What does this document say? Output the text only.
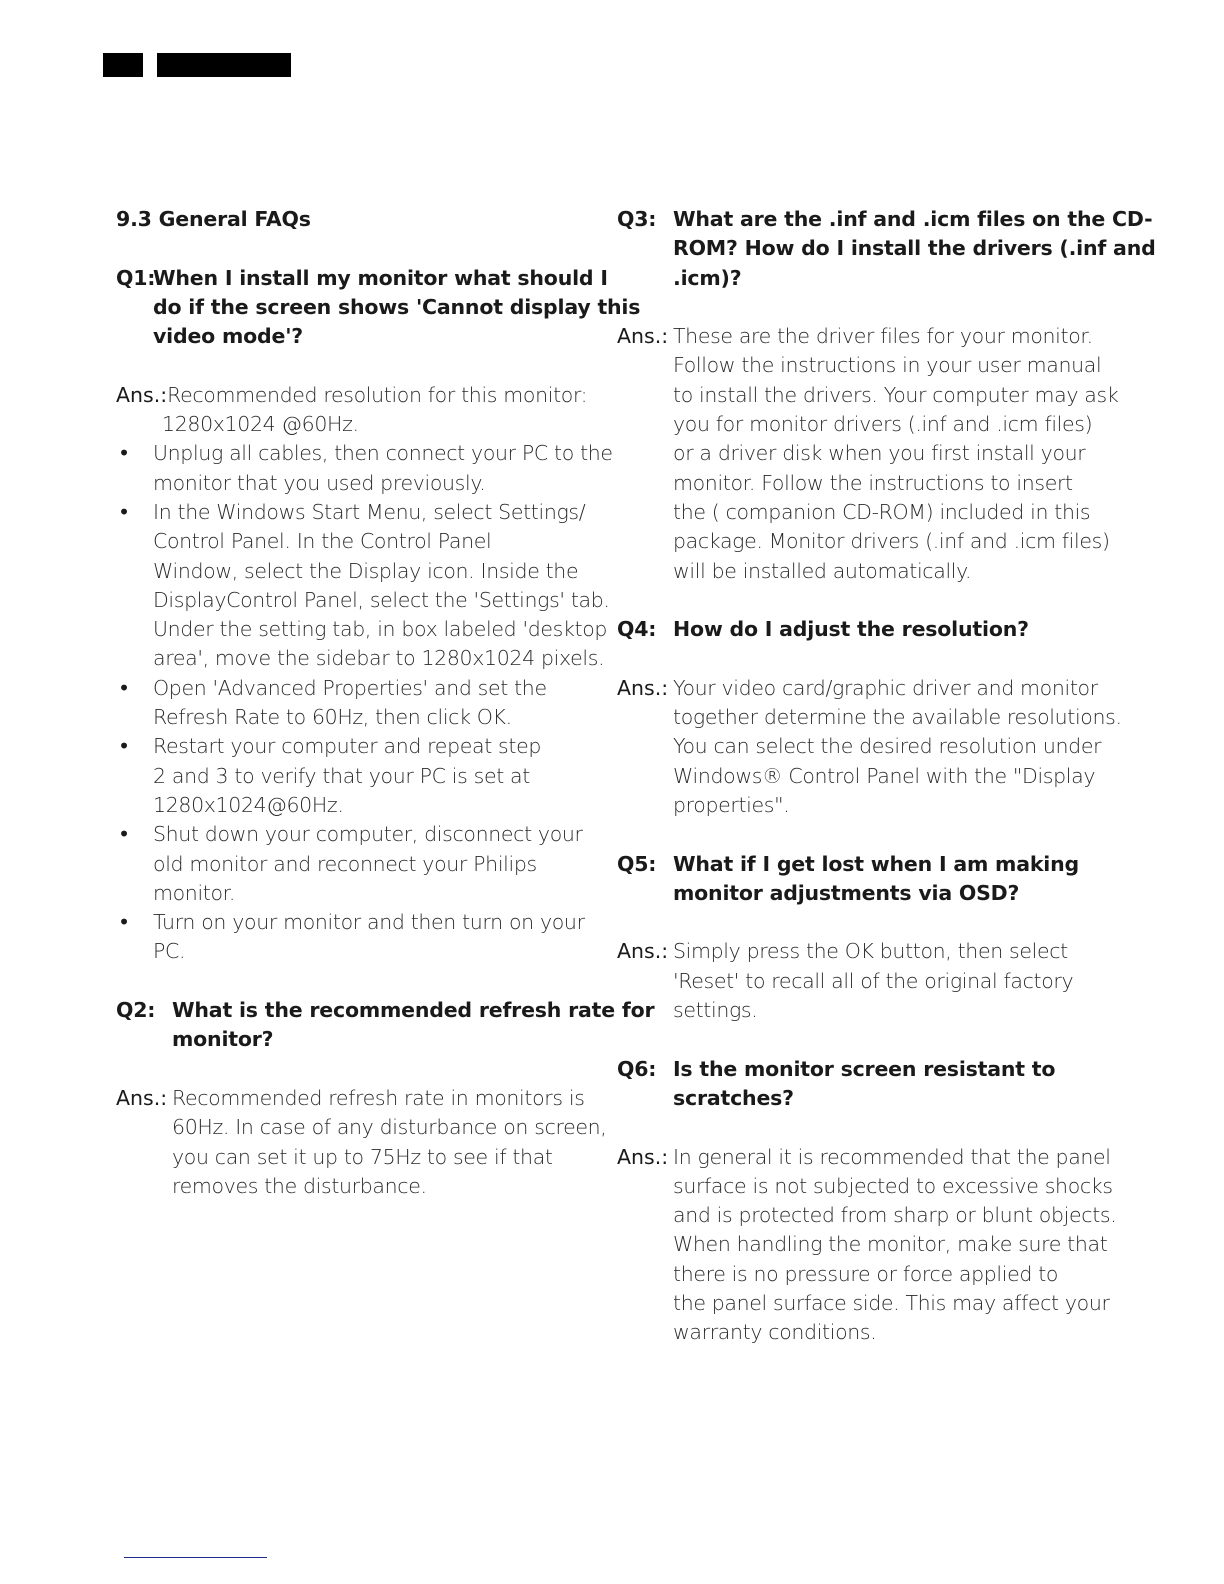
9.3 General FAQs
Q1:
When I install my monitor what should I
do if the screen shows 'Cannot display this
video mode'?
Ans.:Recommended resolution for this monitor:
1280x1024 @60Hz.
• Unplug all cables, then connect your PC to the
monitor that you used previously.
• In the Windows Start Menu, select Settings/
Control Panel. In the Control Panel
Window, select the Display icon. Inside the
DisplayControl Panel, select the 'Settings' tab.
Under the setting tab, in box labeled 'desktop
area', move the sidebar to 1280x1024 pixels.
• Open 'Advanced Properties' and set the
Refresh Rate to 60Hz, then click OK.
• Restart your computer and repeat step
2 and 3 to verify that your PC is set at
1280x1024@60Hz.
• Shut down your computer, disconnect your
old monitor and reconnect your Philips
monitor.
• Turn on your monitor and then turn on your
PC.
Q2: What is the recommended refresh rate for
monitor?
Ans.: Recommended refresh rate in monitors is
60Hz. In case of any disturbance on screen,
you can set it up to 75Hz to see if that
removes the disturbance.
Q3: What are the .inf and .icm files on the CD-
ROM? How do I install the drivers (.inf and
.icm)?
Ans.: These are the driver files for your monitor.
Follow the instructions in your user manual
to install the drivers. Your computer may ask
you for monitor drivers (.inf and .icm files)
or a driver disk when you first install your
monitor. Follow the instructions to insert
the ( companion CD-ROM) included in this
package. Monitor drivers (.inf and .icm files)
will be installed automatically.
Q4: How do I adjust the resolution?
Ans.: Your video card/graphic driver and monitor
together determine the available resolutions.
You can select the desired resolution under
Windows® Control Panel with the "Display
properties".
Q5: What if I get lost when I am making
monitor adjustments via OSD?
Ans.: Simply press the OK button, then select
'Reset' to recall all of the original factory
settings.
Q6: Is the monitor screen resistant to
scratches?
Ans.: In general it is recommended that the panel
surface is not subjected to excessive shocks
and is protected from sharp or blunt objects.
When handling the monitor, make sure that
there is no pressure or force applied to
the panel surface side. This may affect your
warranty conditions.
